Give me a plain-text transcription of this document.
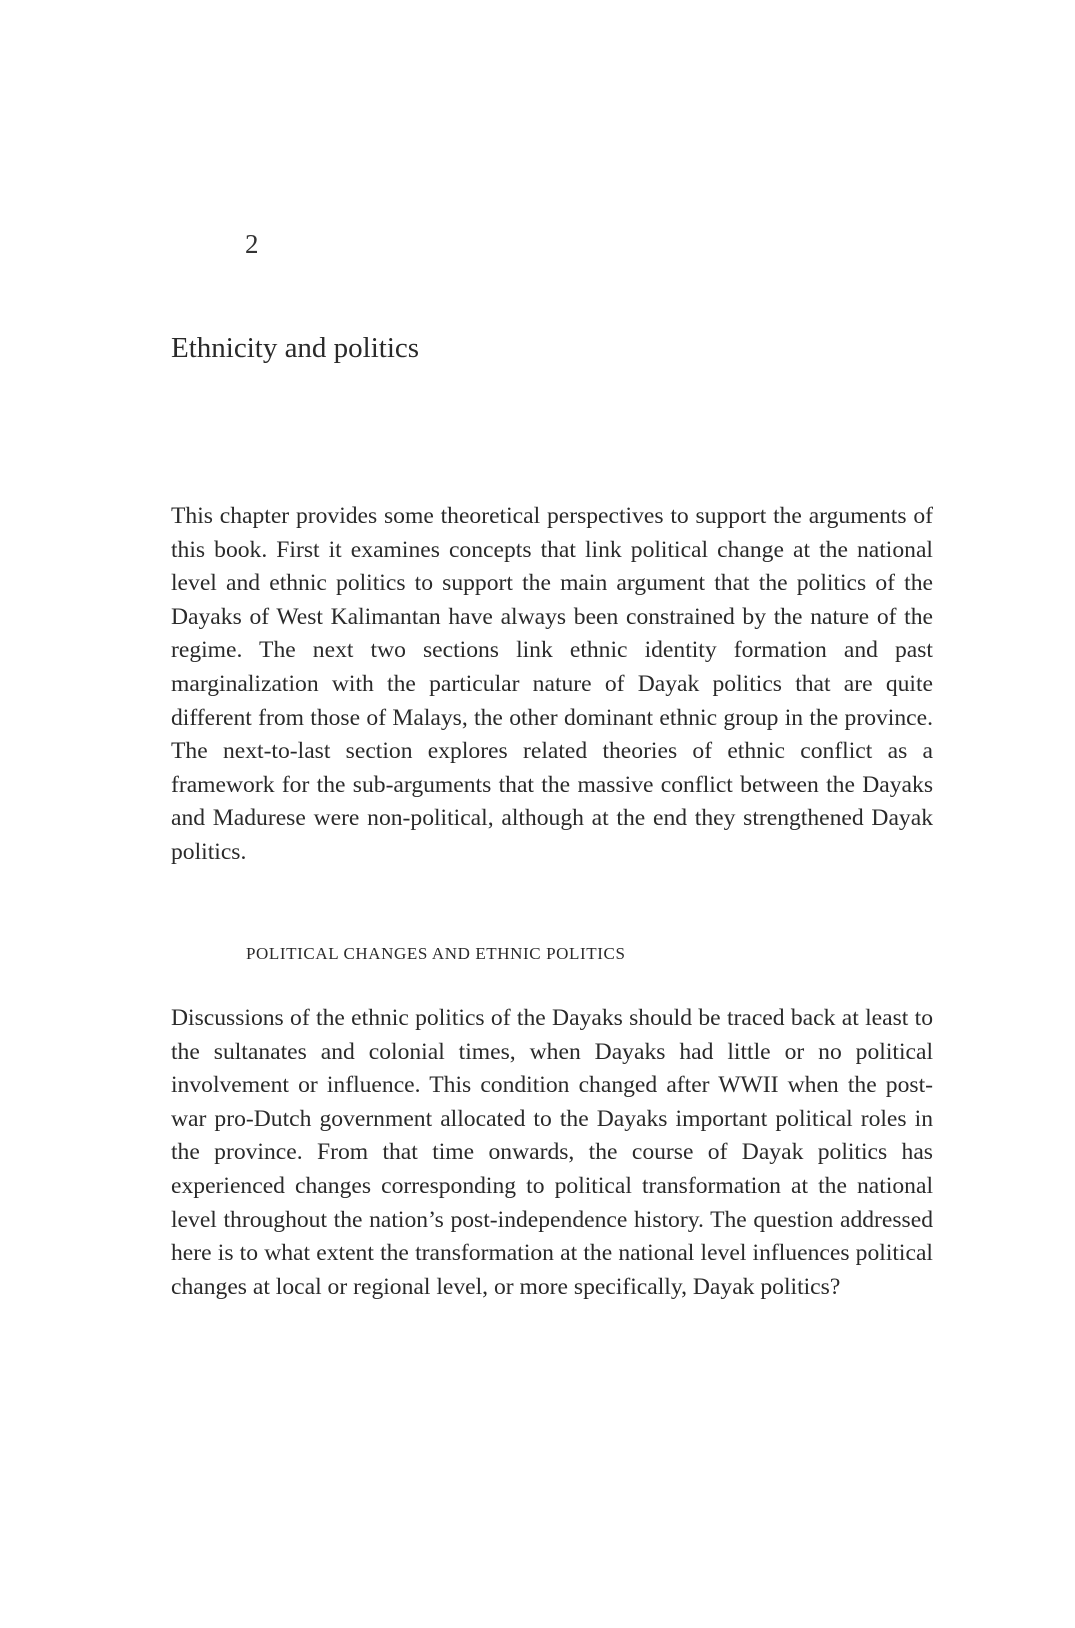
2
Ethnicity and politics

This chapter provides some theoretical perspectives to support the arguments of this book. First it examines concepts that link political change at the national level and ethnic politics to support the main argument that the politics of the Dayaks of West Kalimantan have always been constrained by the nature of the regime. The next two sections link ethnic identity formation and past marginalization with the particular nature of Dayak politics that are quite different from those of Malays, the other dominant ethnic group in the province. The next-to-last section explores related theories of ethnic conflict as a framework for the sub-arguments that the massive conflict between the Dayaks and Madurese were non-political, although at the end they strengthened Dayak politics.

POLITICAL CHANGES AND ETHNIC POLITICS

Discussions of the ethnic politics of the Dayaks should be traced back at least to the sultanates and colonial times, when Dayaks had little or no political involvement or influence. This condition changed after WWII when the post-war pro-Dutch government allocated to the Dayaks important political roles in the province. From that time onwards, the course of Dayak politics has experienced changes corresponding to political transformation at the national level throughout the nation’s post-independence history. The question addressed here is to what extent the transformation at the national level influences political changes at local or regional level, or more specifically, Dayak politics?
